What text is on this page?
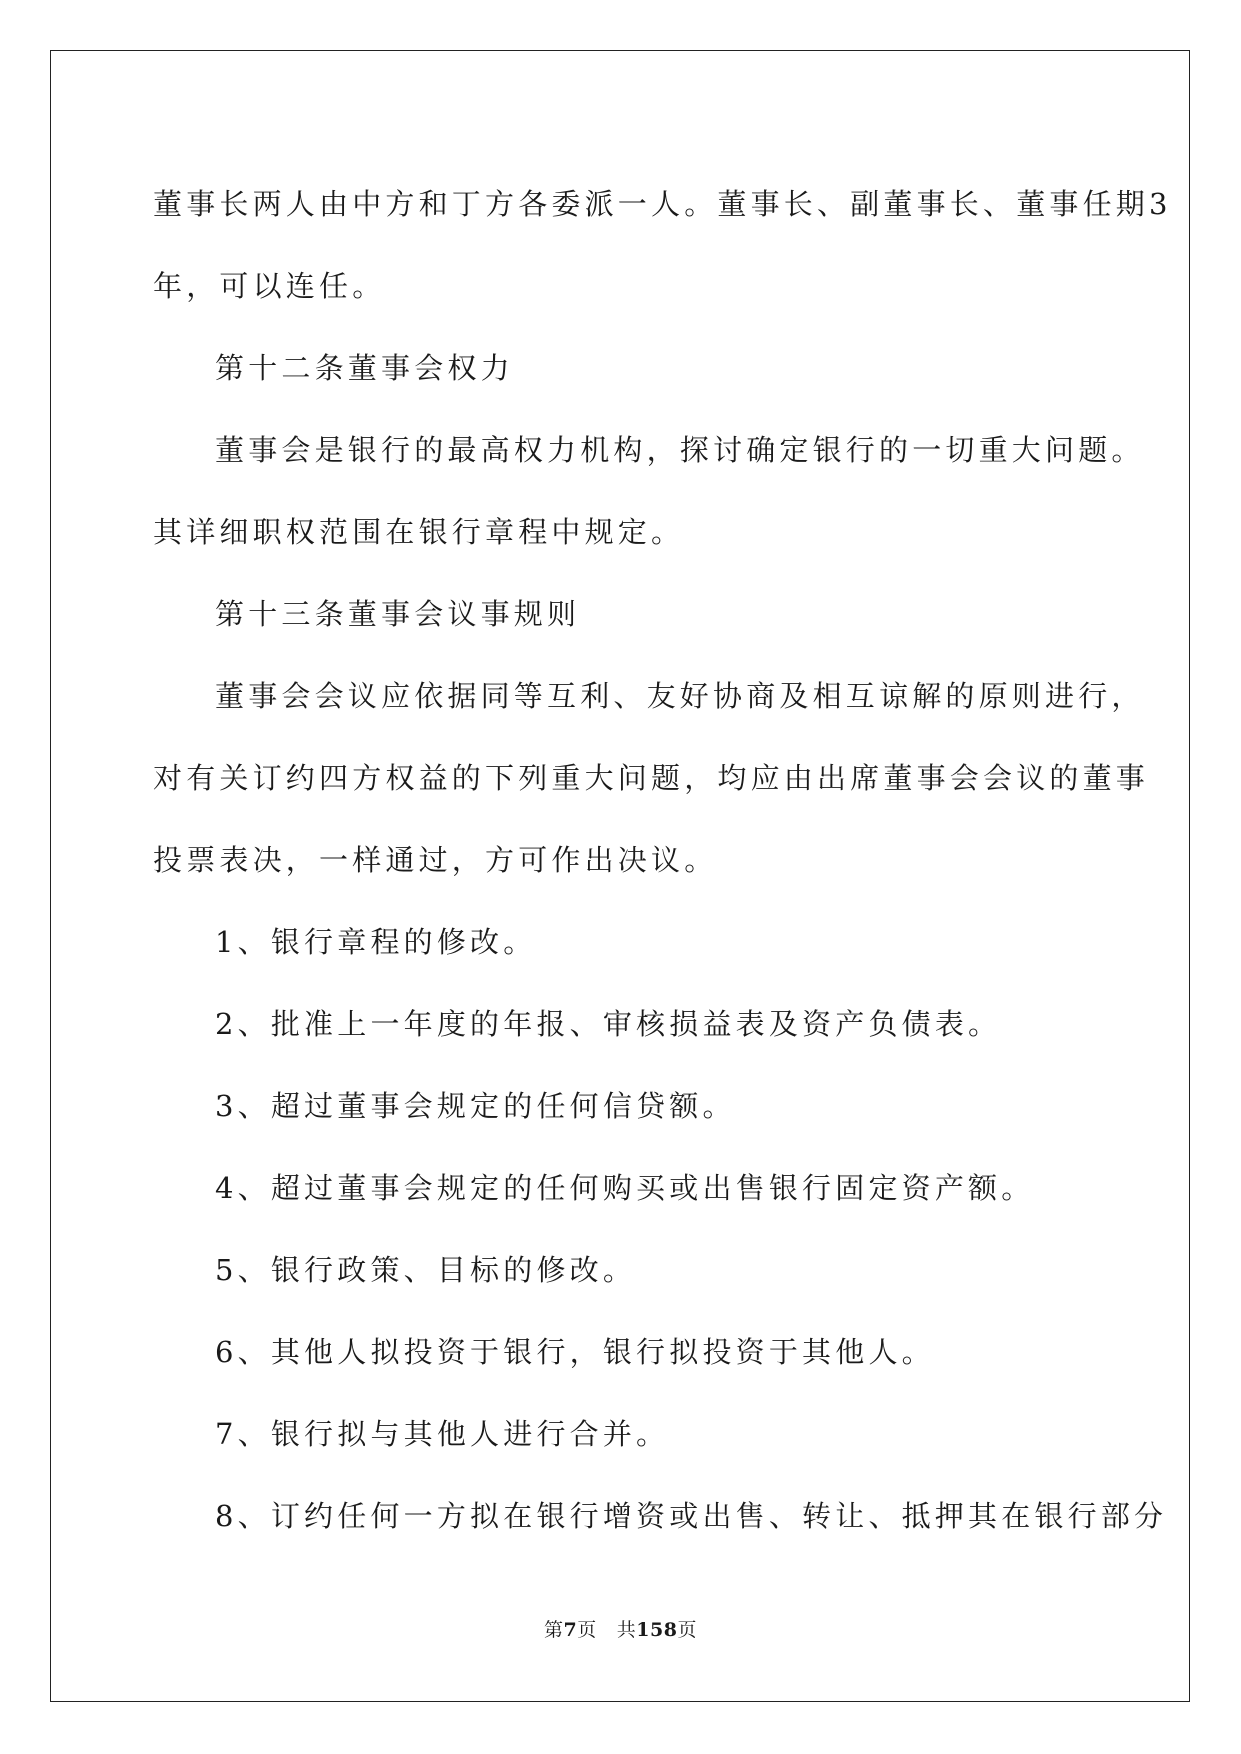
董事长两人由中方和丁方各委派一人。董事长、副董事长、董事任期3

年，可以连任。

第十二条董事会权力

董事会是银行的最高权力机构，探讨确定银行的一切重大问题。

其详细职权范围在银行章程中规定。

第十三条董事会议事规则

董事会会议应依据同等互利、友好协商及相互谅解的原则进行，

对有关订约四方权益的下列重大问题，均应由出席董事会会议的董事

投票表决，一样通过，方可作出决议。

1、银行章程的修改。

2、批准上一年度的年报、审核损益表及资产负债表。

3、超过董事会规定的任何信贷额。

4、超过董事会规定的任何购买或出售银行固定资产额。

5、银行政策、目标的修改。

6、其他人拟投资于银行，银行拟投资于其他人。

7、银行拟与其他人进行合并。

8、订约任何一方拟在银行增资或出售、转让、抵押其在银行部分

第7页 共158页
